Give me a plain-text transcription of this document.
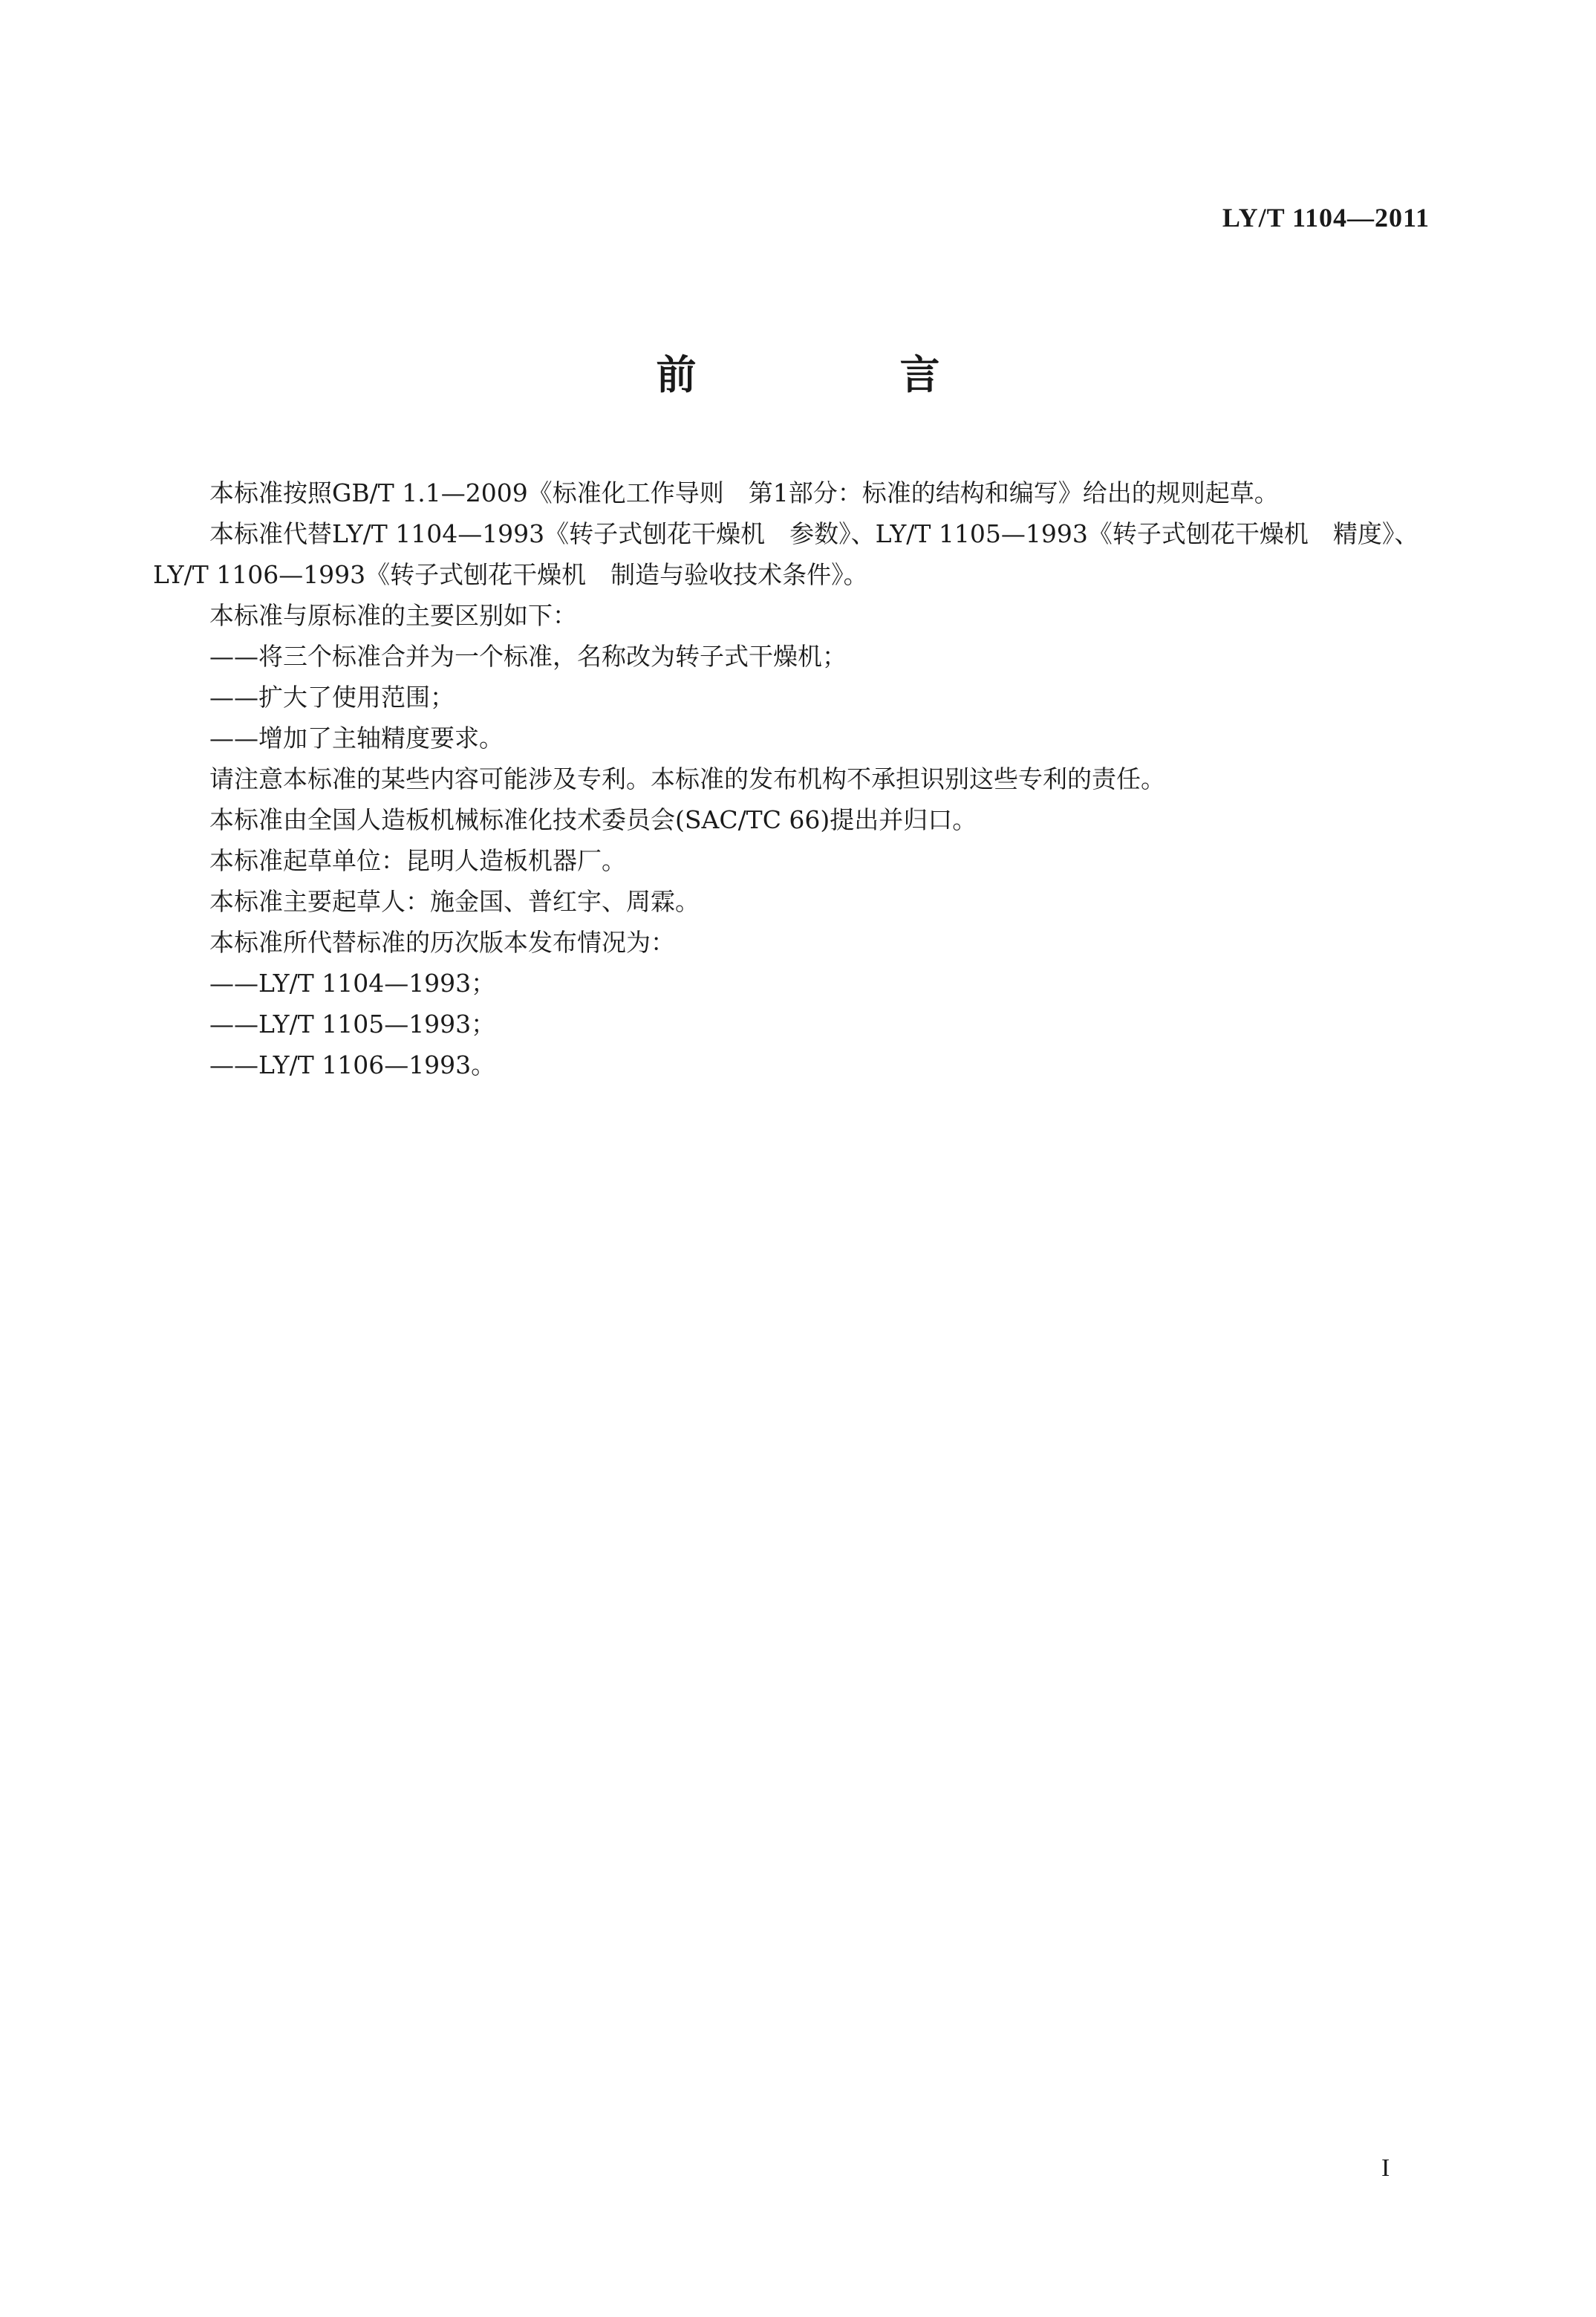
LY/T 1104—2011
前　言

本标准按照GB/T 1.1—2009《标准化工作导则　第1部分：标准的结构和编写》给出的规则起草。

本标准代替LY/T 1104—1993《转子式刨花干燥机　参数》、LY/T 1105—1993《转子式刨花干燥机　精度》、LY/T 1106—1993《转子式刨花干燥机　制造与验收技术条件》。

本标准与原标准的主要区别如下：

——将三个标准合并为一个标准，名称改为转子式干燥机；

——扩大了使用范围；

——增加了主轴精度要求。

请注意本标准的某些内容可能涉及专利。本标准的发布机构不承担识别这些专利的责任。

本标准由全国人造板机械标准化技术委员会(SAC/TC 66)提出并归口。

本标准起草单位：昆明人造板机器厂。

本标准主要起草人：施金国、普红宇、周霖。

本标准所代替标准的历次版本发布情况为：

——LY/T 1104—1993；

——LY/T 1105—1993；

——LY/T 1106—1993。

I
